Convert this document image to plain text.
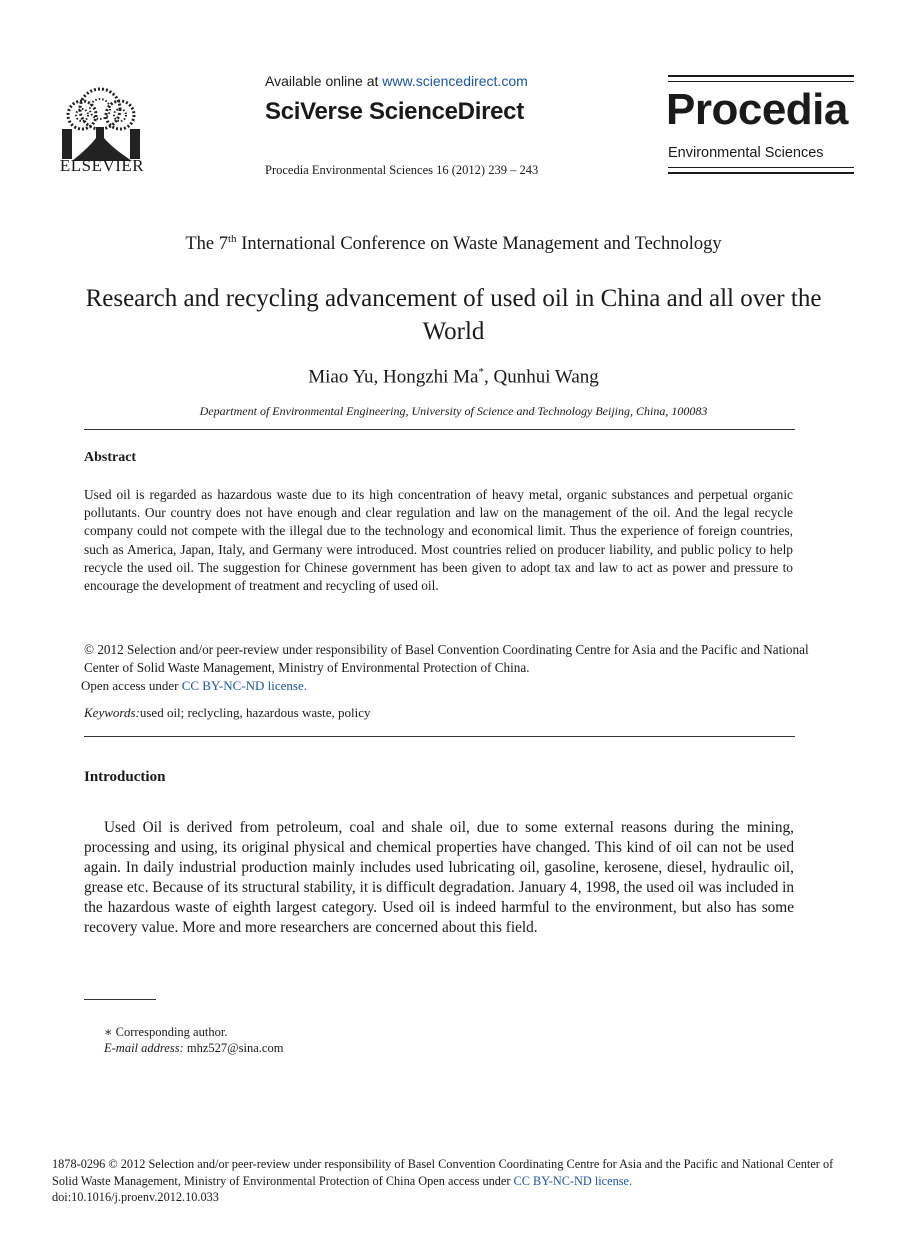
ELSEVIER
Available online at www.sciencedirect.com
SciVerse ScienceDirect
Procedia Environmental Sciences 16 (2012) 239 – 243
Procedia
Environmental Sciences
The 7th International Conference on Waste Management and Technology
Research and recycling advancement of used oil in China and all over the World
Miao Yu, Hongzhi Ma*, Qunhui Wang
Department of Environmental Engineering, University of Science and Technology Beijing, China, 100083
Abstract
Used oil is regarded as hazardous waste due to its high concentration of heavy metal, organic substances and perpetual organic pollutants. Our country does not have enough and clear regulation and law on the management of the oil. And the legal recycle company could not compete with the illegal due to the technology and economical limit. Thus the experience of foreign countries, such as America, Japan, Italy, and Germany were introduced. Most countries relied on producer liability, and public policy to help recycle the used oil. The suggestion for Chinese government has been given to adopt tax and law to act as power and pressure to encourage the development of treatment and recycling of used oil.
© 2012 Selection and/or peer-review under responsibility of Basel Convention Coordinating Centre for Asia and the Pacific and National Center of Solid Waste Management, Ministry of Environmental Protection of China.
Open access under CC BY-NC-ND license.
Keywords:used oil; reclycling, hazardous waste, policy
Introduction

Used Oil is derived from petroleum, coal and shale oil, due to some external reasons during the mining, processing and using, its original physical and chemical properties have changed. This kind of oil can not be used again. In daily industrial production mainly includes used lubricating oil, gasoline, kerosene, diesel, hydraulic oil, grease etc. Because of its structural stability, it is difficult degradation. January 4, 1998, the used oil was included in the hazardous waste of eighth largest category. Used oil is indeed harmful to the environment, but also has some recovery value. More and more researchers are concerned about this field.

∗ Corresponding author.
E-mail address: mhz527@sina.com
1878-0296 © 2012 Selection and/or peer-review under responsibility of Basel Convention Coordinating Centre for Asia and the Pacific and National Center of Solid Waste Management, Ministry of Environmental Protection of China Open access under CC BY-NC-ND license.
doi:10.1016/j.proenv.2012.10.033
